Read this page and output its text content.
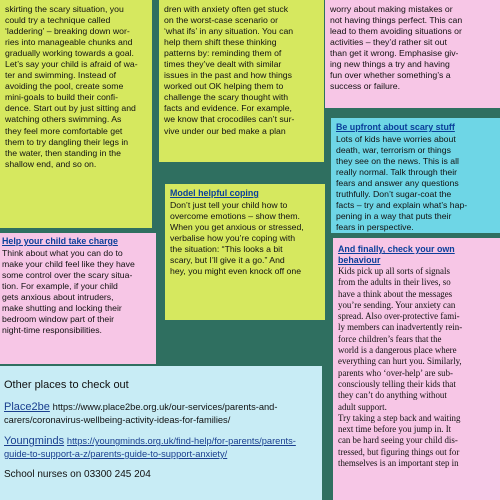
skirting the scary situation, you
could try a technique called
‘laddering’ – breaking down wor-
ries into manageable chunks and
gradually working towards a goal.
Let’s say your child is afraid of wa-
ter and swimming. Instead of
avoiding the pool, create some
mini-goals to build their confi-
dence. Start out by just sitting and
watching others swimming. As
they feel more comfortable get
them to try dangling their legs in
the water, then standing in the
shallow end, and so on.
dren with anxiety often get stuck
on the worst-case scenario or
‘what ifs’ in any situation. You can
help them shift these thinking
patterns by: reminding them of
times they’ve dealt with similar
issues in the past and how things
worked out OK helping them to
challenge the scary thought with
facts and evidence. For example,
we know that crocodiles can’t sur-
vive under our bed make a plan
worry about making mistakes or
not having things perfect. This can
lead to them avoiding situations or
activities – they’d rather sit out
than get it wrong. Emphasise giv-
ing new things a try and having
fun over whether something’s a
success or failure.
Be upfront about scary stuff
Lots of kids have worries about
death, war, terrorism or things
they see on the news. This is all
really normal. Talk through their
fears and answer any questions
truthfully. Don’t sugar-coat the
facts – try and explain what’s hap-
pening in a way that puts their
fears in perspective.
Help your child take charge
Think about what you can do to
make your child feel like they have
some control over the scary situa-
tion. For example, if your child
gets anxious about intruders,
make shutting and locking their
bedroom window part of their
night-time responsibilities.
Model helpful coping
Don’t just tell your child how to
overcome emotions – show them.
When you get anxious or stressed,
verbalise how you’re coping with
the situation: “This looks a bit
scary, but I’ll give it a go.” And
hey, you might even knock off one
And finally, check your own
behaviour
Kids pick up all sorts of signals
from the adults in their lives, so
have a think about the messages
you’re sending. Your anxiety can
spread. Also over-protective fami-
ly members can inadvertently rein-
force children’s fears that the
world is a dangerous place where
everything can hurt you. Similarly,
parents who ‘over-help’ are sub-
consciously telling their kids that
they can’t do anything without
adult support.
Try taking a step back and waiting
next time before you jump in. It
can be hard seeing your child dis-
tressed, but figuring things out for
themselves is an important step in
Other places to check out
Place2be https://www.place2be.org.uk/our-services/parents-and-carers/coronavirus-wellbeing-activity-ideas-for-families/
Youngminds https://youngminds.org.uk/find-help/for-parents/parents-guide-to-support-a-z/parents-guide-to-support-anxiety/
School nurses on 03300 245 204
